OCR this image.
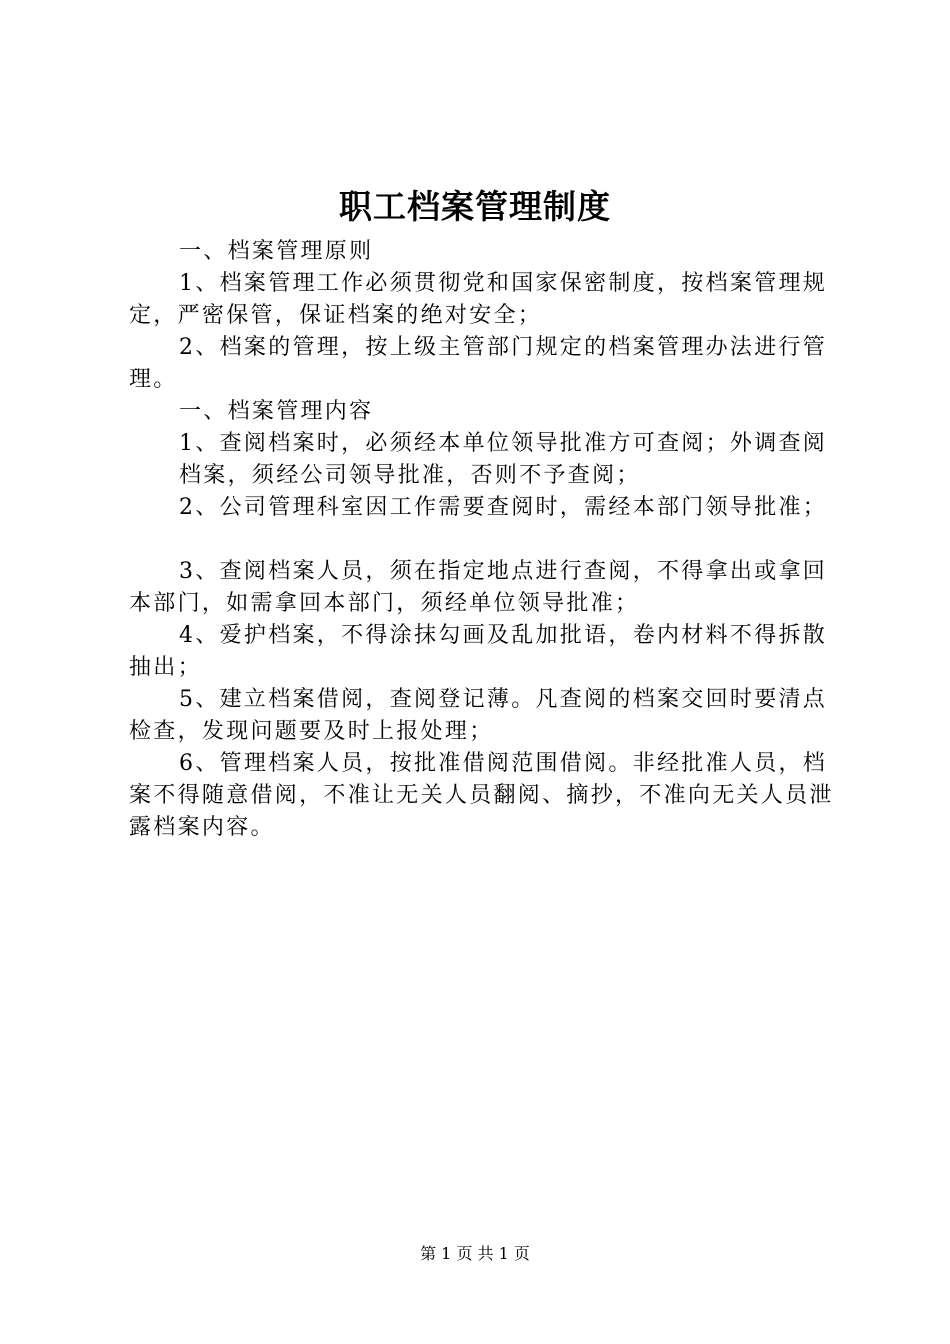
职工档案管理制度

一、档案管理原则

1、档案管理工作必须贯彻党和国家保密制度，按档案管理规定，严密保管，保证档案的绝对安全；

2、档案的管理，按上级主管部门规定的档案管理办法进行管理。

一、档案管理内容

1、查阅档案时，必须经本单位领导批准方可查阅；外调查阅

档案，须经公司领导批准，否则不予查阅；

2、公司管理科室因工作需要查阅时，需经本部门领导批准；

3、查阅档案人员，须在指定地点进行查阅，不得拿出或拿回本部门，如需拿回本部门，须经单位领导批准；

4、爱护档案，不得涂抹勾画及乱加批语，卷内材料不得拆散抽出；

5、建立档案借阅，查阅登记薄。凡查阅的档案交回时要清点检查，发现问题要及时上报处理；

6、管理档案人员，按批准借阅范围借阅。非经批准人员，档案不得随意借阅，不准让无关人员翻阅、摘抄，不准向无关人员泄露档案内容。

第 1 页 共 1 页
